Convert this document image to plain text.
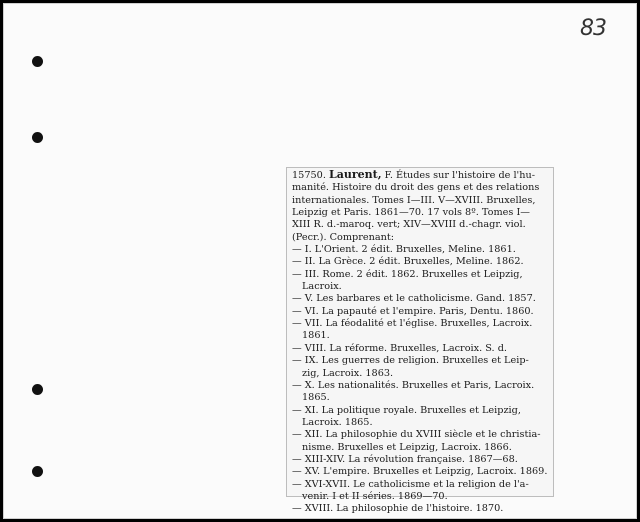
83
15750. Laurent, F. Études sur l'histoire de l'hu-
manité. Histoire du droit des gens et des relations
internationales. Tomes I—III. V—XVIII. Bruxelles,
Leipzig et Paris. 1861—70. 17 vols 8º. Tomes I—
XIII R. d.-maroq. vert; XIV—XVIII d.-chagr. viol.
(Pecr.). Comprenant:
— I. L'Orient. 2 édit. Bruxelles, Meline. 1861.
— II. La Grèce. 2 édit. Bruxelles, Meline. 1862.
— III. Rome. 2 édit. 1862. Bruxelles et Leipzig,
Lacroix.
— V. Les barbares et le catholicisme. Gand. 1857.
— VI. La papauté et l'empire. Paris, Dentu. 1860.
— VII. La féodalité et l'église. Bruxelles, Lacroix.
1861.
— VIII. La réforme. Bruxelles, Lacroix. S. d.
— IX. Les guerres de religion. Bruxelles et Leip-
zig, Lacroix. 1863.
— X. Les nationalités. Bruxelles et Paris, Lacroix.
1865.
— XI. La politique royale. Bruxelles et Leipzig,
Lacroix. 1865.
— XII. La philosophie du XVIII siècle et le christia-
nisme. Bruxelles et Leipzig, Lacroix. 1866.
— XIII-XIV. La révolution française. 1867—68.
— XV. L'empire. Bruxelles et Leipzig, Lacroix. 1869.
— XVI-XVII. Le catholicisme et la religion de l'a-
venir. I et II séries. 1869—70.
— XVIII. La philosophie de l'histoire. 1870.
